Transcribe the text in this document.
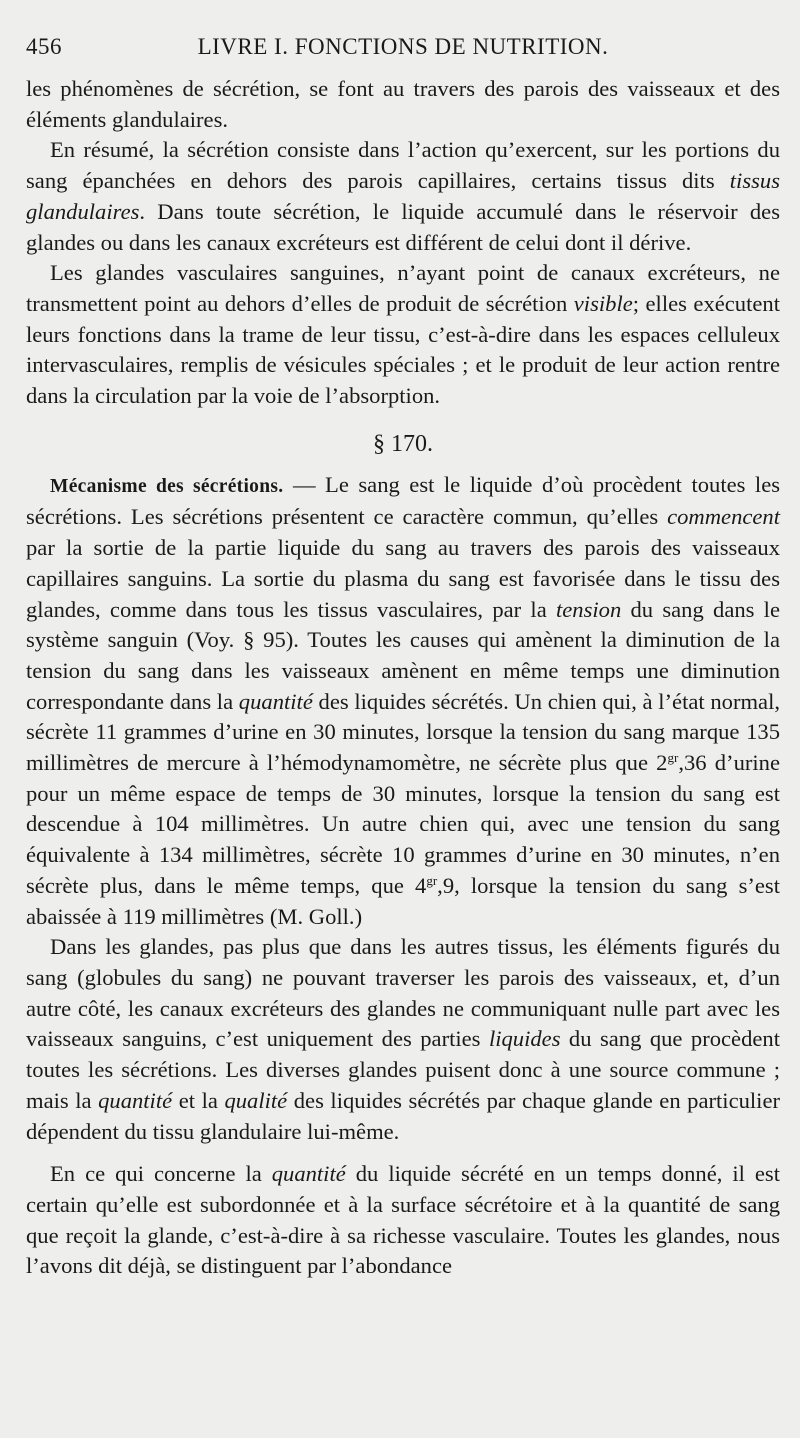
456	LIVRE I. FONCTIONS DE NUTRITION.

les phénomènes de sécrétion, se font au travers des parois des vaisseaux et des éléments glandulaires.

En résumé, la sécrétion consiste dans l’action qu’exercent, sur les portions du sang épanchées en dehors des parois capillaires, certains tissus dits tissus glandulaires. Dans toute sécrétion, le liquide accumulé dans le réservoir des glandes ou dans les canaux excréteurs est différent de celui dont il dérive.

Les glandes vasculaires sanguines, n’ayant point de canaux excréteurs, ne transmettent point au dehors d’elles de produit de sécrétion visible; elles exécutent leurs fonctions dans la trame de leur tissu, c’est-à-dire dans les espaces celluleux intervasculaires, remplis de vésicules spéciales ; et le produit de leur action rentre dans la circulation par la voie de l’absorption.

§ 170.

Mécanisme des sécrétions. — Le sang est le liquide d’où procèdent toutes les sécrétions. Les sécrétions présentent ce caractère commun, qu’elles commencent par la sortie de la partie liquide du sang au travers des parois des vaisseaux capillaires sanguins. La sortie du plasma du sang est favorisée dans le tissu des glandes, comme dans tous les tissus vasculaires, par la tension du sang dans le système sanguin (Voy. § 95). Toutes les causes qui amènent la diminution de la tension du sang dans les vaisseaux amènent en même temps une diminution correspondante dans la quantité des liquides sécrétés. Un chien qui, à l’état normal, sécrète 11 grammes d’urine en 30 minutes, lorsque la tension du sang marque 135 millimètres de mercure à l’hémodynamomètre, ne sécrète plus que $2^{gr},36$ d’urine pour un même espace de temps de 30 minutes, lorsque la tension du sang est descendue à 104 millimètres. Un autre chien qui, avec une tension du sang équivalente à 134 millimètres, sécrète 10 grammes d’urine en 30 minutes, n’en sécrète plus, dans le même temps, que $4^{gr},9$, lorsque la tension du sang s’est abaissée à 119 millimètres (M. Goll.)

Dans les glandes, pas plus que dans les autres tissus, les éléments figurés du sang (globules du sang) ne pouvant traverser les parois des vaisseaux, et, d’un autre côté, les canaux excréteurs des glandes ne communiquant nulle part avec les vaisseaux sanguins, c’est uniquement des parties liquides du sang que procèdent toutes les sécrétions. Les diverses glandes puisent donc à une source commune ; mais la quantité et la qualité des liquides sécrétés par chaque glande en particulier dépendent du tissu glandulaire lui-même.

En ce qui concerne la quantité du liquide sécrété en un temps donné, il est certain qu’elle est subordonnée et à la surface sécrétoire et à la quantité de sang que reçoit la glande, c’est-à-dire à sa richesse vasculaire. Toutes les glandes, nous l’avons dit déjà, se distinguent par l’abondance
